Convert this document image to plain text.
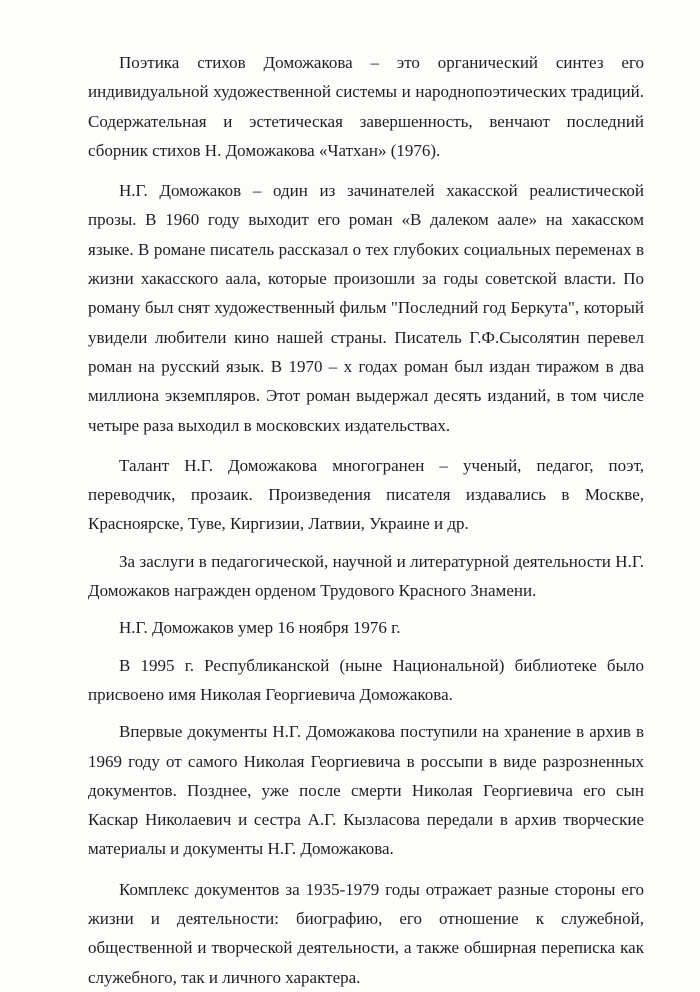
Поэтика стихов Доможакова – это органический синтез его индивидуальной художественной системы и народнопоэтических традиций. Содержательная и эстетическая завершенность, венчают последний сборник стихов Н. Доможакова «Чатхан» (1976).

Н.Г. Доможаков – один из зачинателей хакасской реалистической прозы. В 1960 году выходит его роман «В далеком аале» на хакасском языке. В романе писатель рассказал о тех глубоких социальных переменах в жизни хакасского аала, которые произошли за годы советской власти. По роману был снят художественный фильм "Последний год Беркута", который увидели любители кино нашей страны. Писатель Г.Ф.Сысолятин перевел роман на русский язык. В 1970 – х годах роман был издан тиражом в два миллиона экземпляров. Этот роман выдержал десять изданий, в том числе четыре раза выходил в московских издательствах.

Талант Н.Г. Доможакова многогранен – ученый, педагог, поэт, переводчик, прозаик. Произведения писателя издавались в Москве, Красноярске, Туве, Киргизии, Латвии, Украине и др.

За заслуги в педагогической, научной и литературной деятельности Н.Г. Доможаков награжден орденом Трудового Красного Знамени.

Н.Г. Доможаков умер 16 ноября 1976 г.

В 1995 г. Республиканской (ныне Национальной) библиотеке было присвоено имя Николая Георгиевича Доможакова.

Впервые документы Н.Г. Доможакова поступили на хранение в архив в 1969 году от самого Николая Георгиевича в россыпи в виде разрозненных документов. Позднее, уже после смерти Николая Георгиевича его сын Каскар Николаевич и сестра А.Г. Кызласова передали в архив творческие материалы и документы Н.Г. Доможакова.

Комплекс документов за 1935-1979 годы отражает разные стороны его жизни и деятельности: биографию, его отношение к служебной, общественной и творческой деятельности, а также обширная переписка как служебного, так и личного характера.
